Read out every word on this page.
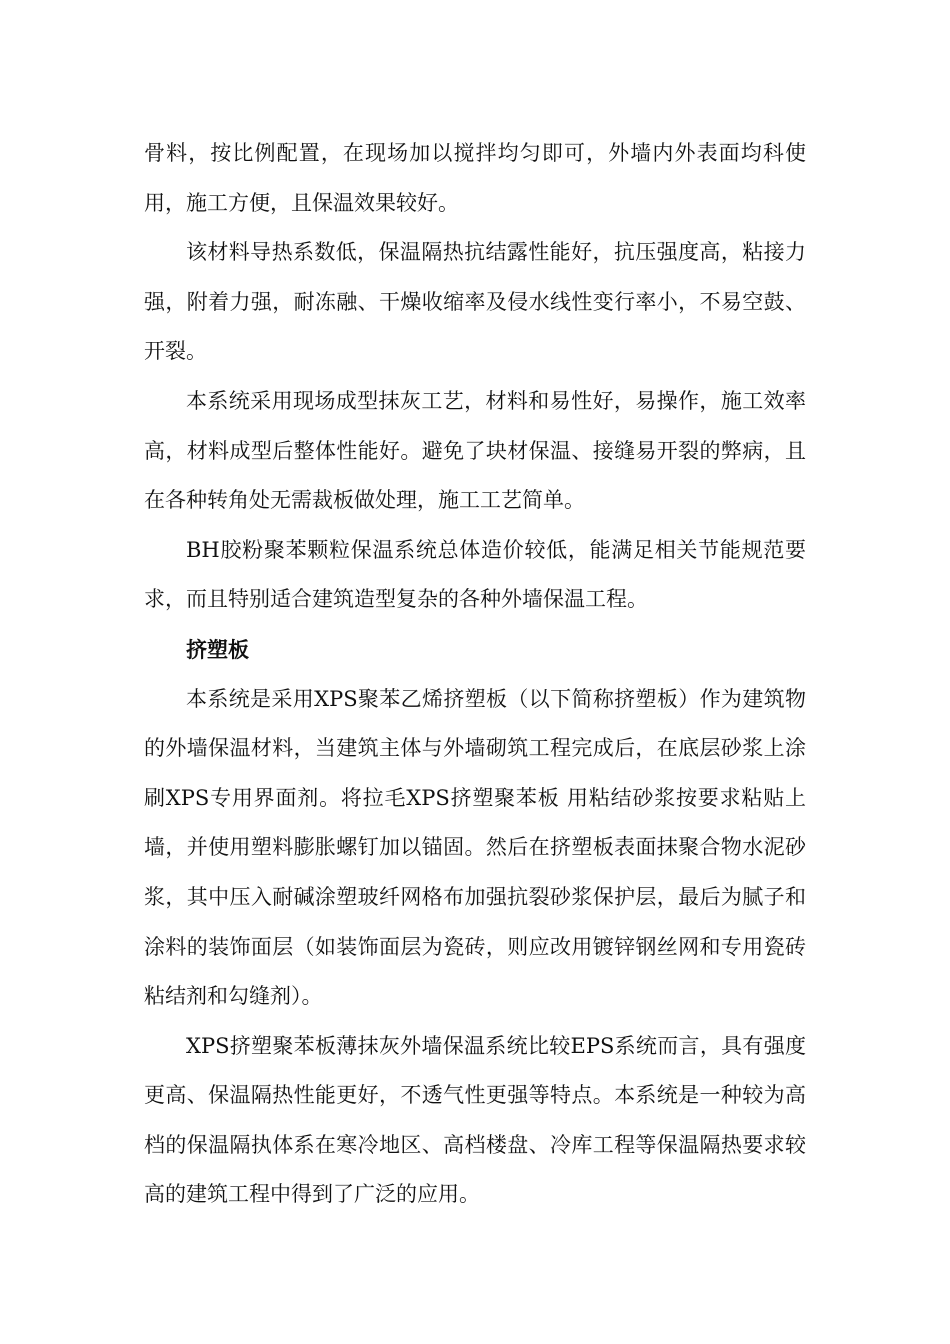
骨料，按比例配置，在现场加以搅拌均匀即可，外墙内外表面均科使用，施工方便，且保温效果较好。

该材料导热系数低，保温隔热抗结露性能好，抗压强度高，粘接力强，附着力强，耐冻融、干燥收缩率及侵水线性变行率小，不易空鼓、开裂。

本系统采用现场成型抹灰工艺，材料和易性好，易操作，施工效率高，材料成型后整体性能好。避免了块材保温、接缝易开裂的弊病，且在各种转角处无需裁板做处理，施工工艺简单。

BH胶粉聚苯颗粒保温系统总体造价较低，能满足相关节能规范要求，而且特别适合建筑造型复杂的各种外墙保温工程。

挤塑板

本系统是采用XPS聚苯乙烯挤塑板（以下简称挤塑板）作为建筑物的外墙保温材料，当建筑主体与外墙砌筑工程完成后，在底层砂浆上涂刷XPS专用界面剂。将拉毛XPS挤塑聚苯板 用粘结砂浆按要求粘贴上墙，并使用塑料膨胀螺钉加以锚固。然后在挤塑板表面抹聚合物水泥砂浆，其中压入耐碱涂塑玻纤网格布加强抗裂砂浆保护层，最后为腻子和涂料的装饰面层（如装饰面层为瓷砖，则应改用镀锌钢丝网和专用瓷砖粘结剂和勾缝剂）。

XPS挤塑聚苯板薄抹灰外墙保温系统比较EPS系统而言，具有强度更高、保温隔热性能更好，不透气性更强等特点。本系统是一种较为高档的保温隔执体系在寒冷地区、高档楼盘、冷库工程等保温隔热要求较高的建筑工程中得到了广泛的应用。
